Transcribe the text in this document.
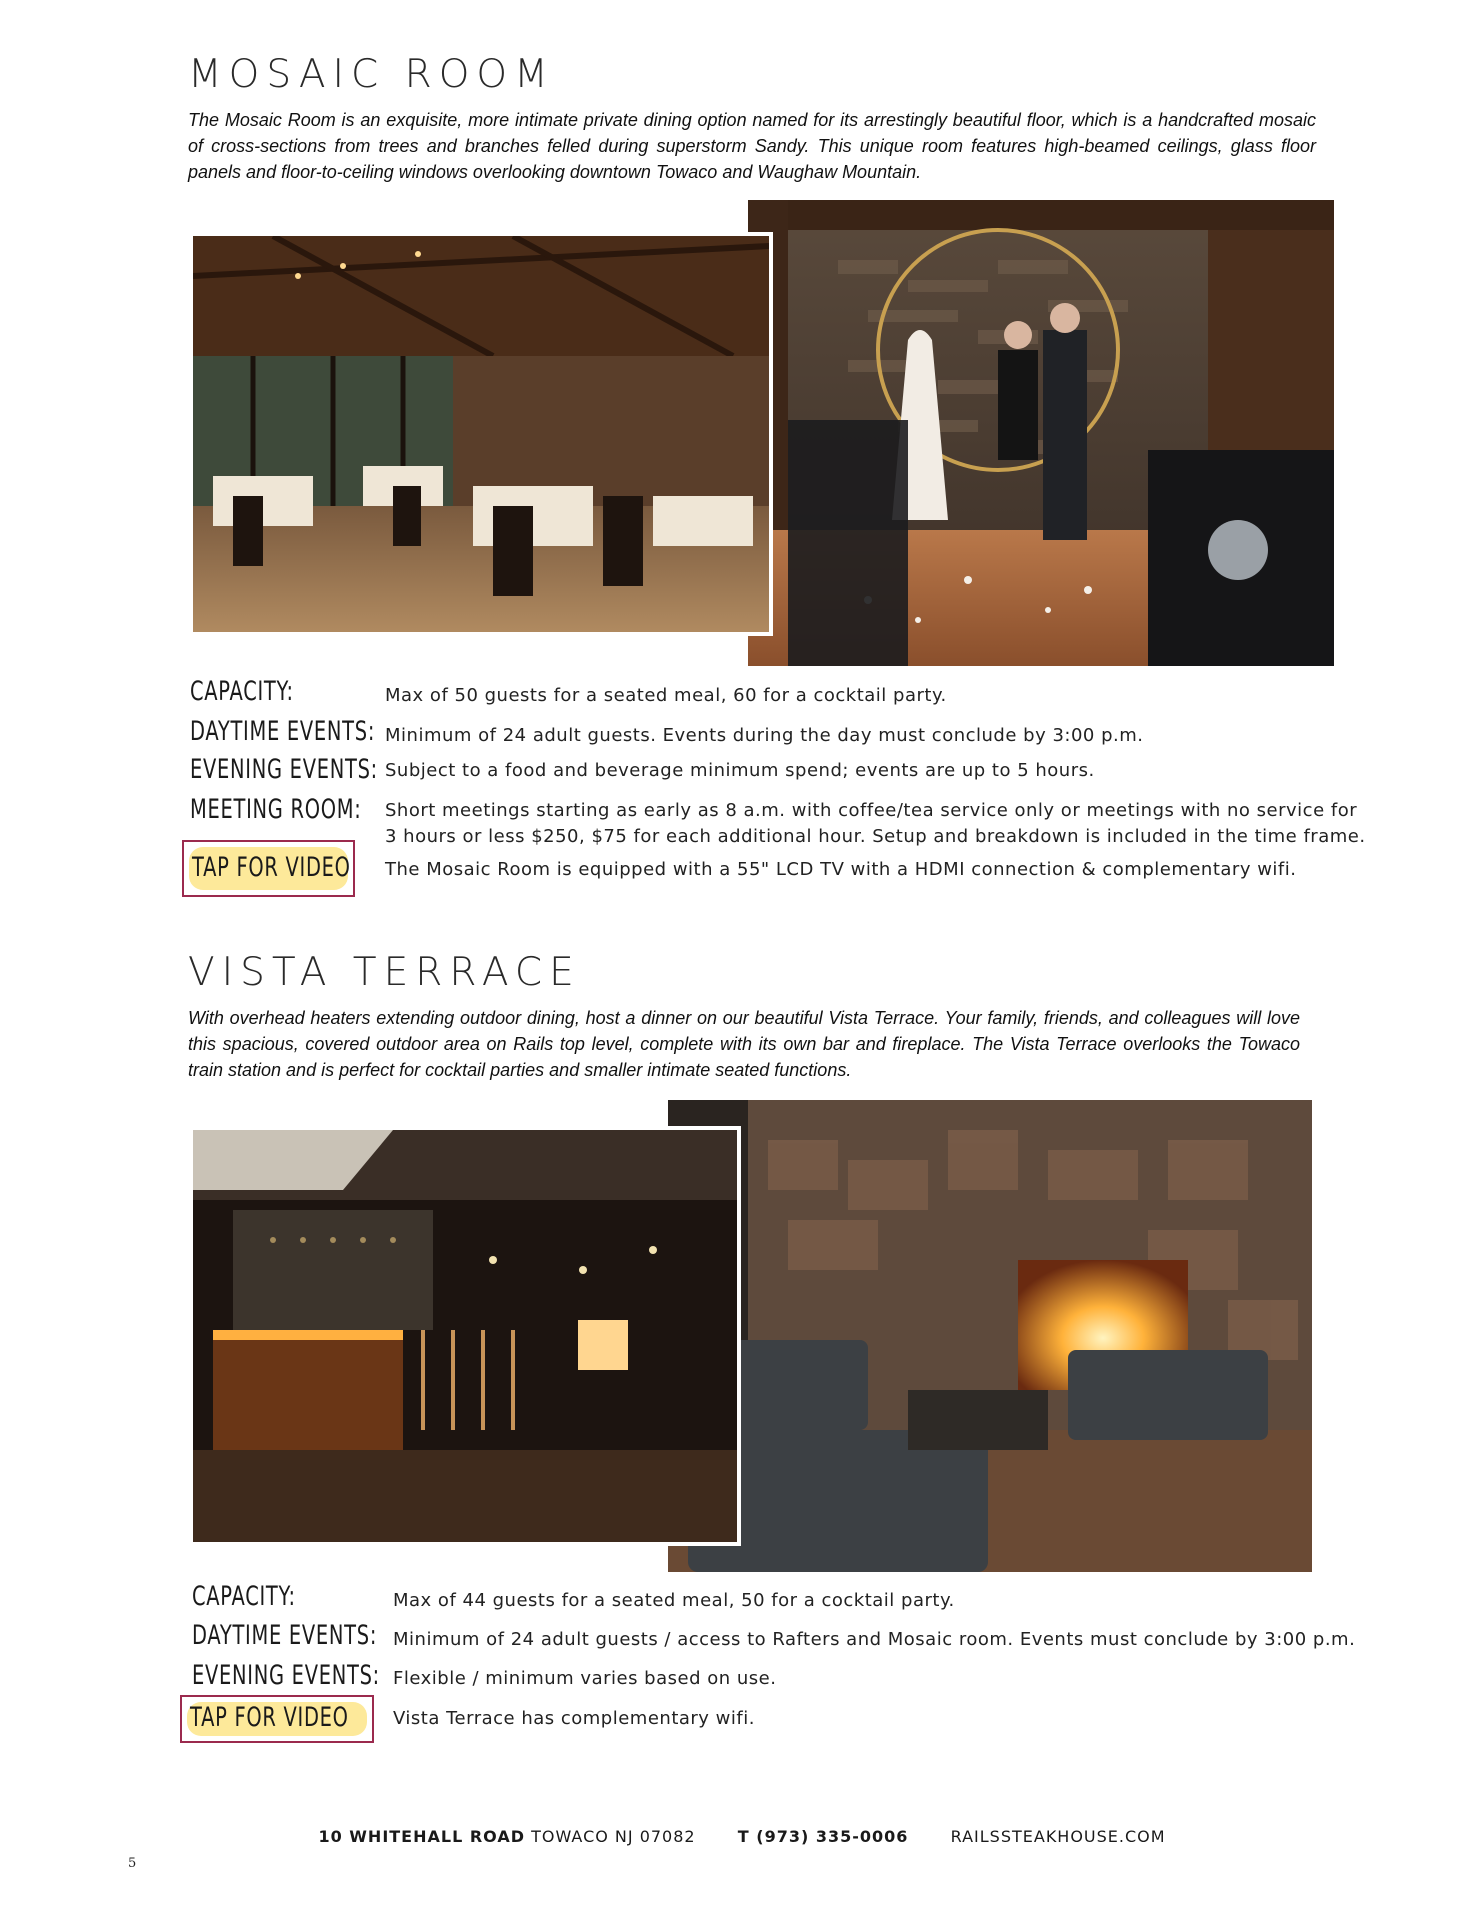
MOSAIC ROOM

The Mosaic Room is an exquisite, more intimate private dining option named for its arrestingly beautiful floor, which is a handcrafted mosaic of cross-sections from trees and branches felled during superstorm Sandy. This unique room features high-beamed ceilings, glass floor panels and floor-to-ceiling windows overlooking downtown Towaco and Waughaw Mountain.

CAPACITY:	Max of 50 guests for a seated meal, 60 for a cocktail party.
DAYTIME EVENTS: Minimum of 24 adult guests. Events during the day must conclude by 3:00 p.m.
EVENING EVENTS: Subject to a food and beverage minimum spend; events are up to 5 hours.
MEETING ROOM: Short meetings starting as early as 8 a.m. with coffee/tea service only or meetings with no service for
3 hours or less $250, $75 for each additional hour. Setup and breakdown is included in the time frame.
TAP FOR VIDEO The Mosaic Room is equipped with a 55" LCD TV with a HDMI connection & complementary wifi.
VISTA TERRACE

With overhead heaters extending outdoor dining, host a dinner on our beautiful Vista Terrace. Your family, friends, and colleagues will love this spacious, covered outdoor area on Rails top level, complete with its own bar and fireplace. The Vista Terrace overlooks the Towaco train station and is perfect for cocktail parties and smaller intimate seated functions.

CAPACITY:	Max of 44 guests for a seated meal, 50 for a cocktail party.
DAYTIME EVENTS: Minimum of 24 adult guests / access to Rafters and Mosaic room. Events must conclude by 3:00 p.m.
EVENING EVENTS: Flexible / minimum varies based on use.
TAP FOR VIDEO Vista Terrace has complementary wifi.
10 WHITEHALL ROAD TOWACO NJ 07082	T (973) 335-0006	RAILSSTEAKHOUSE.COM
5
